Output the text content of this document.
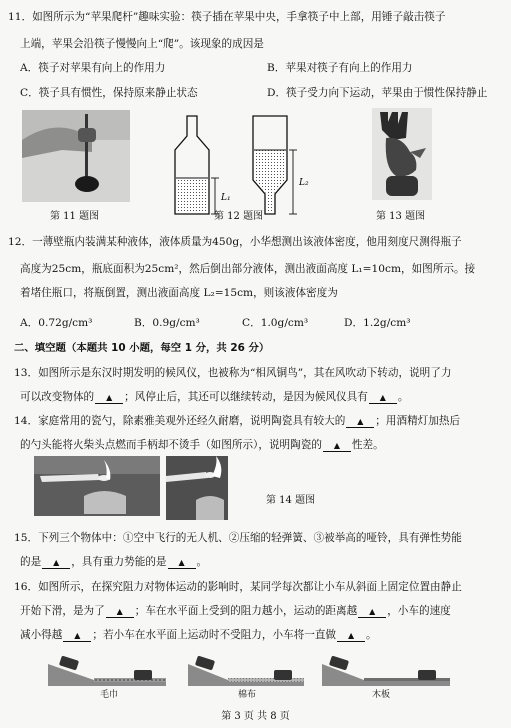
11．如图所示为“苹果爬杆”趣味实验：筷子插在苹果中央，手拿筷子中上部，用锤子敲击筷子
上端，苹果会沿筷子慢慢向上“爬”。该现象的成因是
A．筷子对苹果有向上的作用力	B．苹果对筷子有向上的作用力
C．筷子具有惯性，保持原来静止状态	D．筷子受力向下运动，苹果由于惯性保持静止
L₁
L₂
第 11 题图	第 12 题图	第 13 题图
12．一薄壁瓶内装满某种液体，液体质量为450g，小华想测出该液体密度，他用刻度尺测得瓶子
高度为25cm，瓶底面积为25cm²，然后倒出部分液体，测出液面高度 L₁=10cm，如图所示。接
着堵住瓶口，将瓶倒置，测出液面高度 L₂=15cm，则该液体密度为
A．0.72g/cm³	B．0.9g/cm³	C．1.0g/cm³	D．1.2g/cm³
二、填空题（本题共 10 小题，每空 1 分，共 26 分）
13．如图所示是东汉时期发明的候风仪，也被称为“相风铜鸟”，其在风吹动下转动，说明了力
可以改变物体的 ▲ ；风停止后，其还可以继续转动，是因为候风仪具有 ▲ 。
14．家庭常用的瓷勺，除素雅美观外还经久耐磨，说明陶瓷具有较大的 ▲ ；用酒精灯加热后
的勺头能将火柴头点燃而手柄却不烫手（如图所示），说明陶瓷的 ▲ 性差。
第 14 题图
15．下列三个物体中：①空中飞行的无人机、②压缩的轻弹簧、③被举高的哑铃，具有弹性势能
的是 ▲ ，具有重力势能的是 ▲ 。
16．如图所示，在探究阻力对物体运动的影响时，某同学每次都让小车从斜面上固定位置由静止
开始下滑，是为了 ▲ ；车在水平面上受到的阻力越小，运动的距离越 ▲ ，小车的速度
减小得越 ▲ ；若小车在水平面上运动时不受阻力，小车将一直做 ▲ 。
毛巾	棉布	木板
第 3 页 共 8 页
